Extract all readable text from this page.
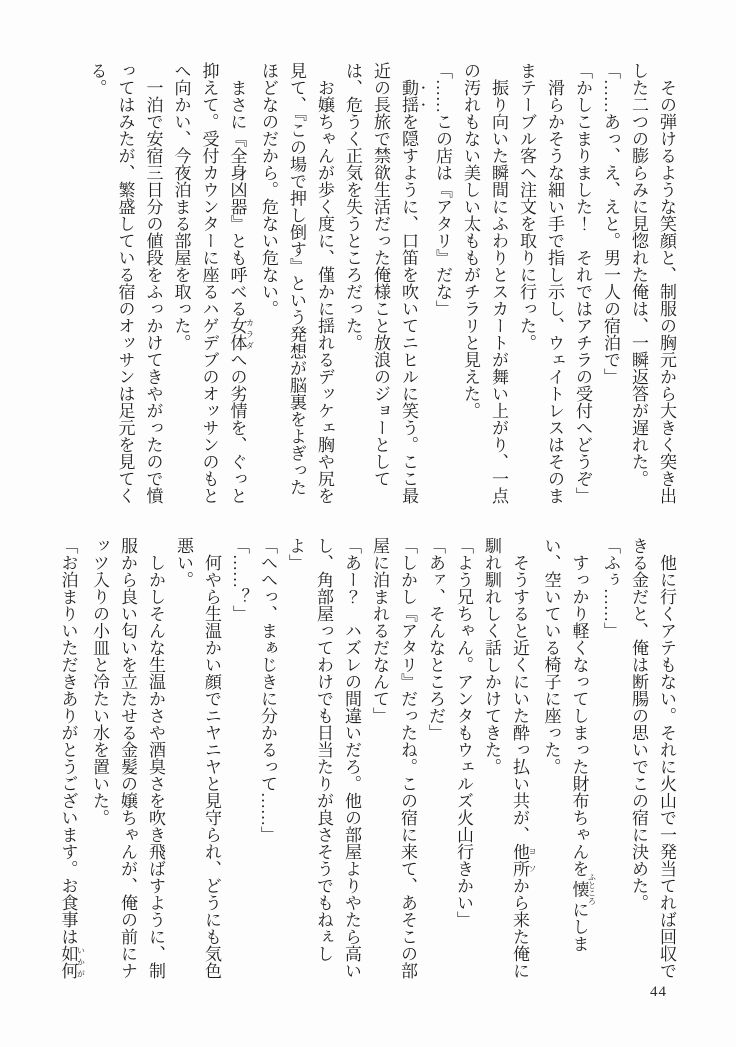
その弾けるような笑顔と、制服の胸元から大きく突き出した二つの膨らみに見惚れた俺は、一瞬返答が遅れた。

「……あっ、え、えと。男一人の宿泊で」

「かしこまりました！　それではアチラの受付へどうぞ」

滑らかそうな細い手で指し示し、ウェイトレスはそのままテーブル客へ注文を取りに行った。

振り向いた瞬間にふわりとスカートが舞い上がり、一点の汚れもない美しい太ももがチラリと見えた。

「……この店は『アタリ』だな」

動揺を隠すように、口笛を吹いてニヒルに笑う。ここ最近の長旅で禁欲生活だった俺様こと放浪のジョーとしては、危うく正気を失うところだった。

お嬢ちゃんが歩く度に、僅かに揺れるデッケェ胸や尻を見て、『この場で押し倒す』という発想が脳裏をよぎったほどなのだから。危ない危ない。

まさに『全身凶器』とも呼べる女体 カラダへの劣情を、ぐっと抑えて。受付カウンターに座るハゲデブのオッサンのもとへ向かい、今夜泊まる部屋を取った。

一泊で安宿三日分の値段をふっかけてきやがったので憤ってはみたが、繁盛している宿のオッサンは足元を見てくる。

他に行くアテもない。それに火山で一発当てれば回収できる金だと、俺は断腸の思いでこの宿に決めた。

「ふぅ……」

すっかり軽くなってしまった財布ちゃんを懐 ふところにしまい、空いている椅子に座った。

そうすると近くにいた酔っ払い共が、他所 ヨソから来た俺に馴れ馴れしく話しかけてきた。

「よう兄ちゃん。アンタもウェルズ火山行きかい」

「あァ、そんなところだ」

「しかし『アタリ』だったね。この宿に来て、あそこの部屋に泊まれるだなんて」

「あー？　ハズレの間違いだろ。他の部屋よりやたら高いし、角部屋ってわけでも日当たりが良さそうでもねぇしよ」

「へへっ、まぁじきに分かるって……」

「……？」

何やら生温かい顔でニヤニヤと見守られ、どうにも気色悪い。

しかしそんな生温かさや酒臭さを吹き飛ばすように、制服から良い匂いを立たせる金髪の嬢ちゃんが、俺の前にナッツ入りの小皿と冷たい水を置いた。

「お泊まりいただきありがとうございます。お食事は如何 いかが

44
